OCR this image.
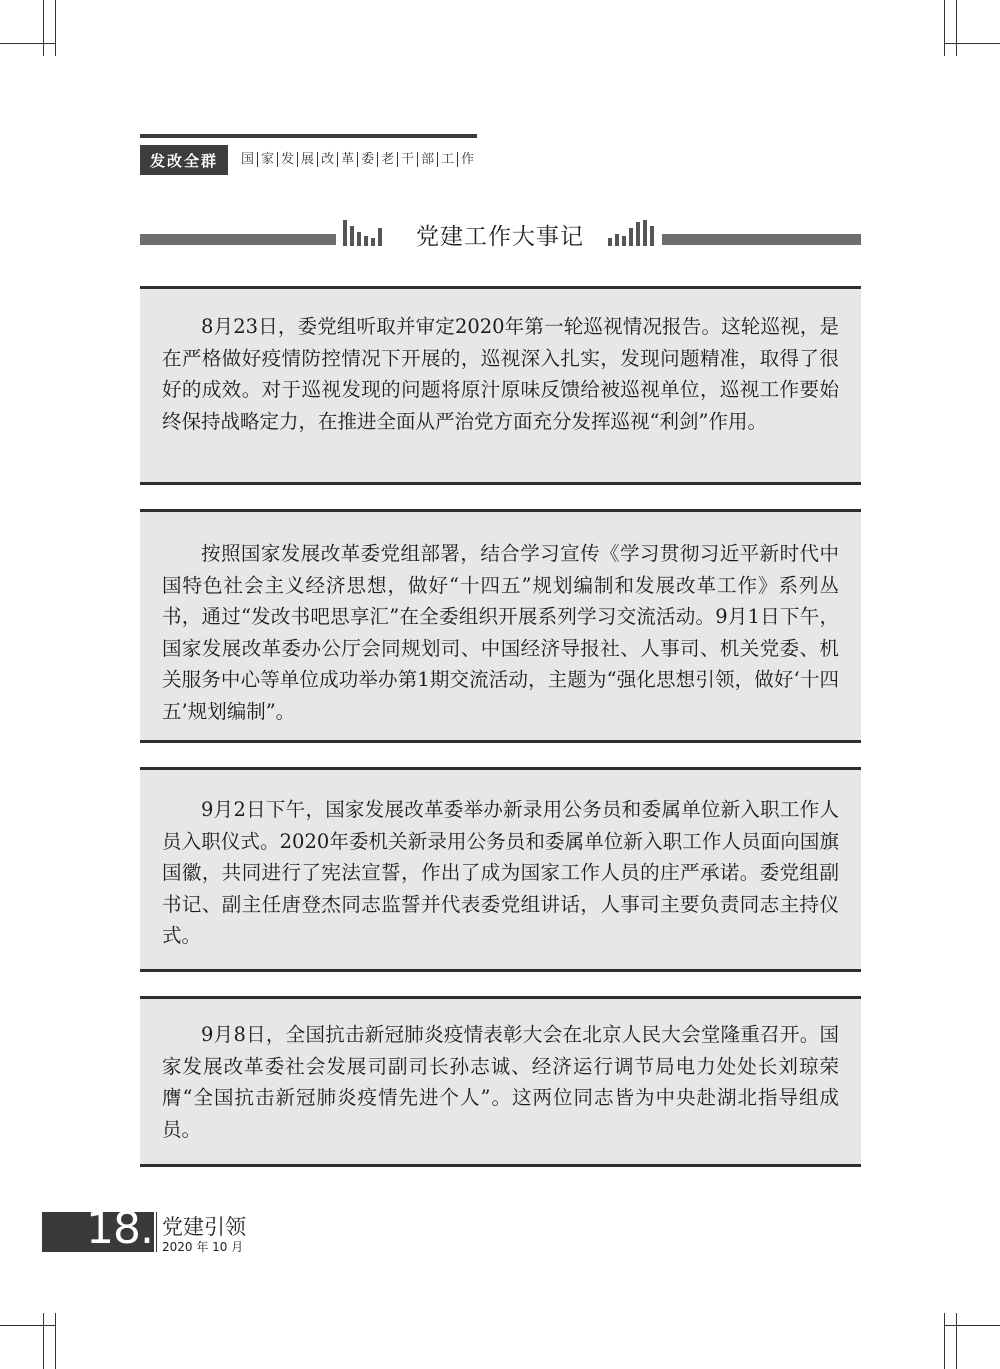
发改全群	国 家 发 展 改 革 委 老 干 部 工 作
党建工作大事记

8月23日，委党组听取并审定2020年第一轮巡视情况报告。这轮巡视，是在严格做好疫情防控情况下开展的，巡视深入扎实，发现问题精准，取得了很好的成效。对于巡视发现的问题将原汁原味反馈给被巡视单位，巡视工作要始终保持战略定力，在推进全面从严治党方面充分发挥巡视“利剑”作用。

按照国家发展改革委党组部署，结合学习宣传《学习贯彻习近平新时代中国特色社会主义经济思想，做好“十四五”规划编制和发展改革工作》系列丛书，通过“发改书吧思享汇”在全委组织开展系列学习交流活动。9月1日下午，国家发展改革委办公厅会同规划司、中国经济导报社、人事司、机关党委、机关服务中心等单位成功举办第1期交流活动，主题为“强化思想引领，做好‘十四五’规划编制”。

9月2日下午，国家发展改革委举办新录用公务员和委属单位新入职工作人员入职仪式。2020年委机关新录用公务员和委属单位新入职工作人员面向国旗国徽，共同进行了宪法宣誓，作出了成为国家工作人员的庄严承诺。委党组副书记、副主任唐登杰同志监誓并代表委党组讲话，人事司主要负责同志主持仪式。

9月8日，全国抗击新冠肺炎疫情表彰大会在北京人民大会堂隆重召开。国家发展改革委社会发展司副司长孙志诚、经济运行调节局电力处处长刘琼荣膺“全国抗击新冠肺炎疫情先进个人”。这两位同志皆为中央赴湖北指导组成员。

18. 党建引领
2020 年 10 月
